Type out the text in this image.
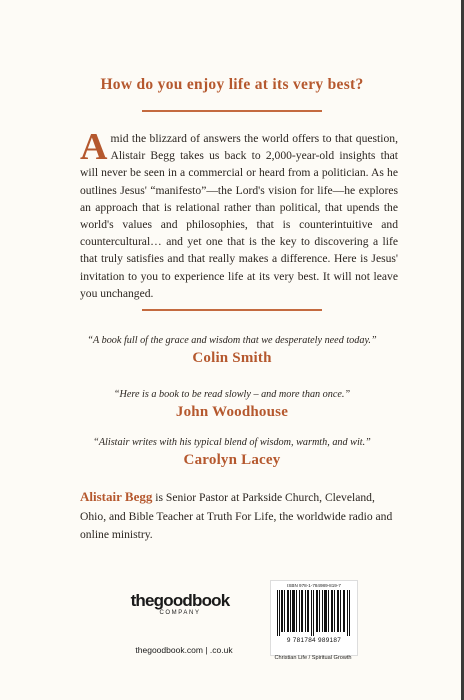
How do you enjoy life at its very best?
Amid the blizzard of answers the world offers to that question, Alistair Begg takes us back to 2,000-year-old insights that will never be seen in a commercial or heard from a politician. As he outlines Jesus' “manifesto”—the Lord's vision for life—he explores an approach that is relational rather than political, that upends the world's values and philosophies, that is counterintuitive and countercultural… and yet one that is the key to discovering a life that truly satisfies and that really makes a difference. Here is Jesus' invitation to you to experience life at its very best. It will not leave you unchanged.
“A book full of the grace and wisdom that we desperately need today.”
Colin Smith
“Here is a book to be read slowly – and more than once.”
John Woodhouse
“Alistair writes with his typical blend of wisdom, warmth, and wit.”
Carolyn Lacey
Alistair Begg is Senior Pastor at Parkside Church, Cleveland, Ohio, and Bible Teacher at Truth For Life, the worldwide radio and online ministry.
thegoodbook
COMPANY
thegoodbook.com | .co.uk
ISBN 978-1-784989-819-7
9 781784 989187
Christian Life / Spiritual Growth
